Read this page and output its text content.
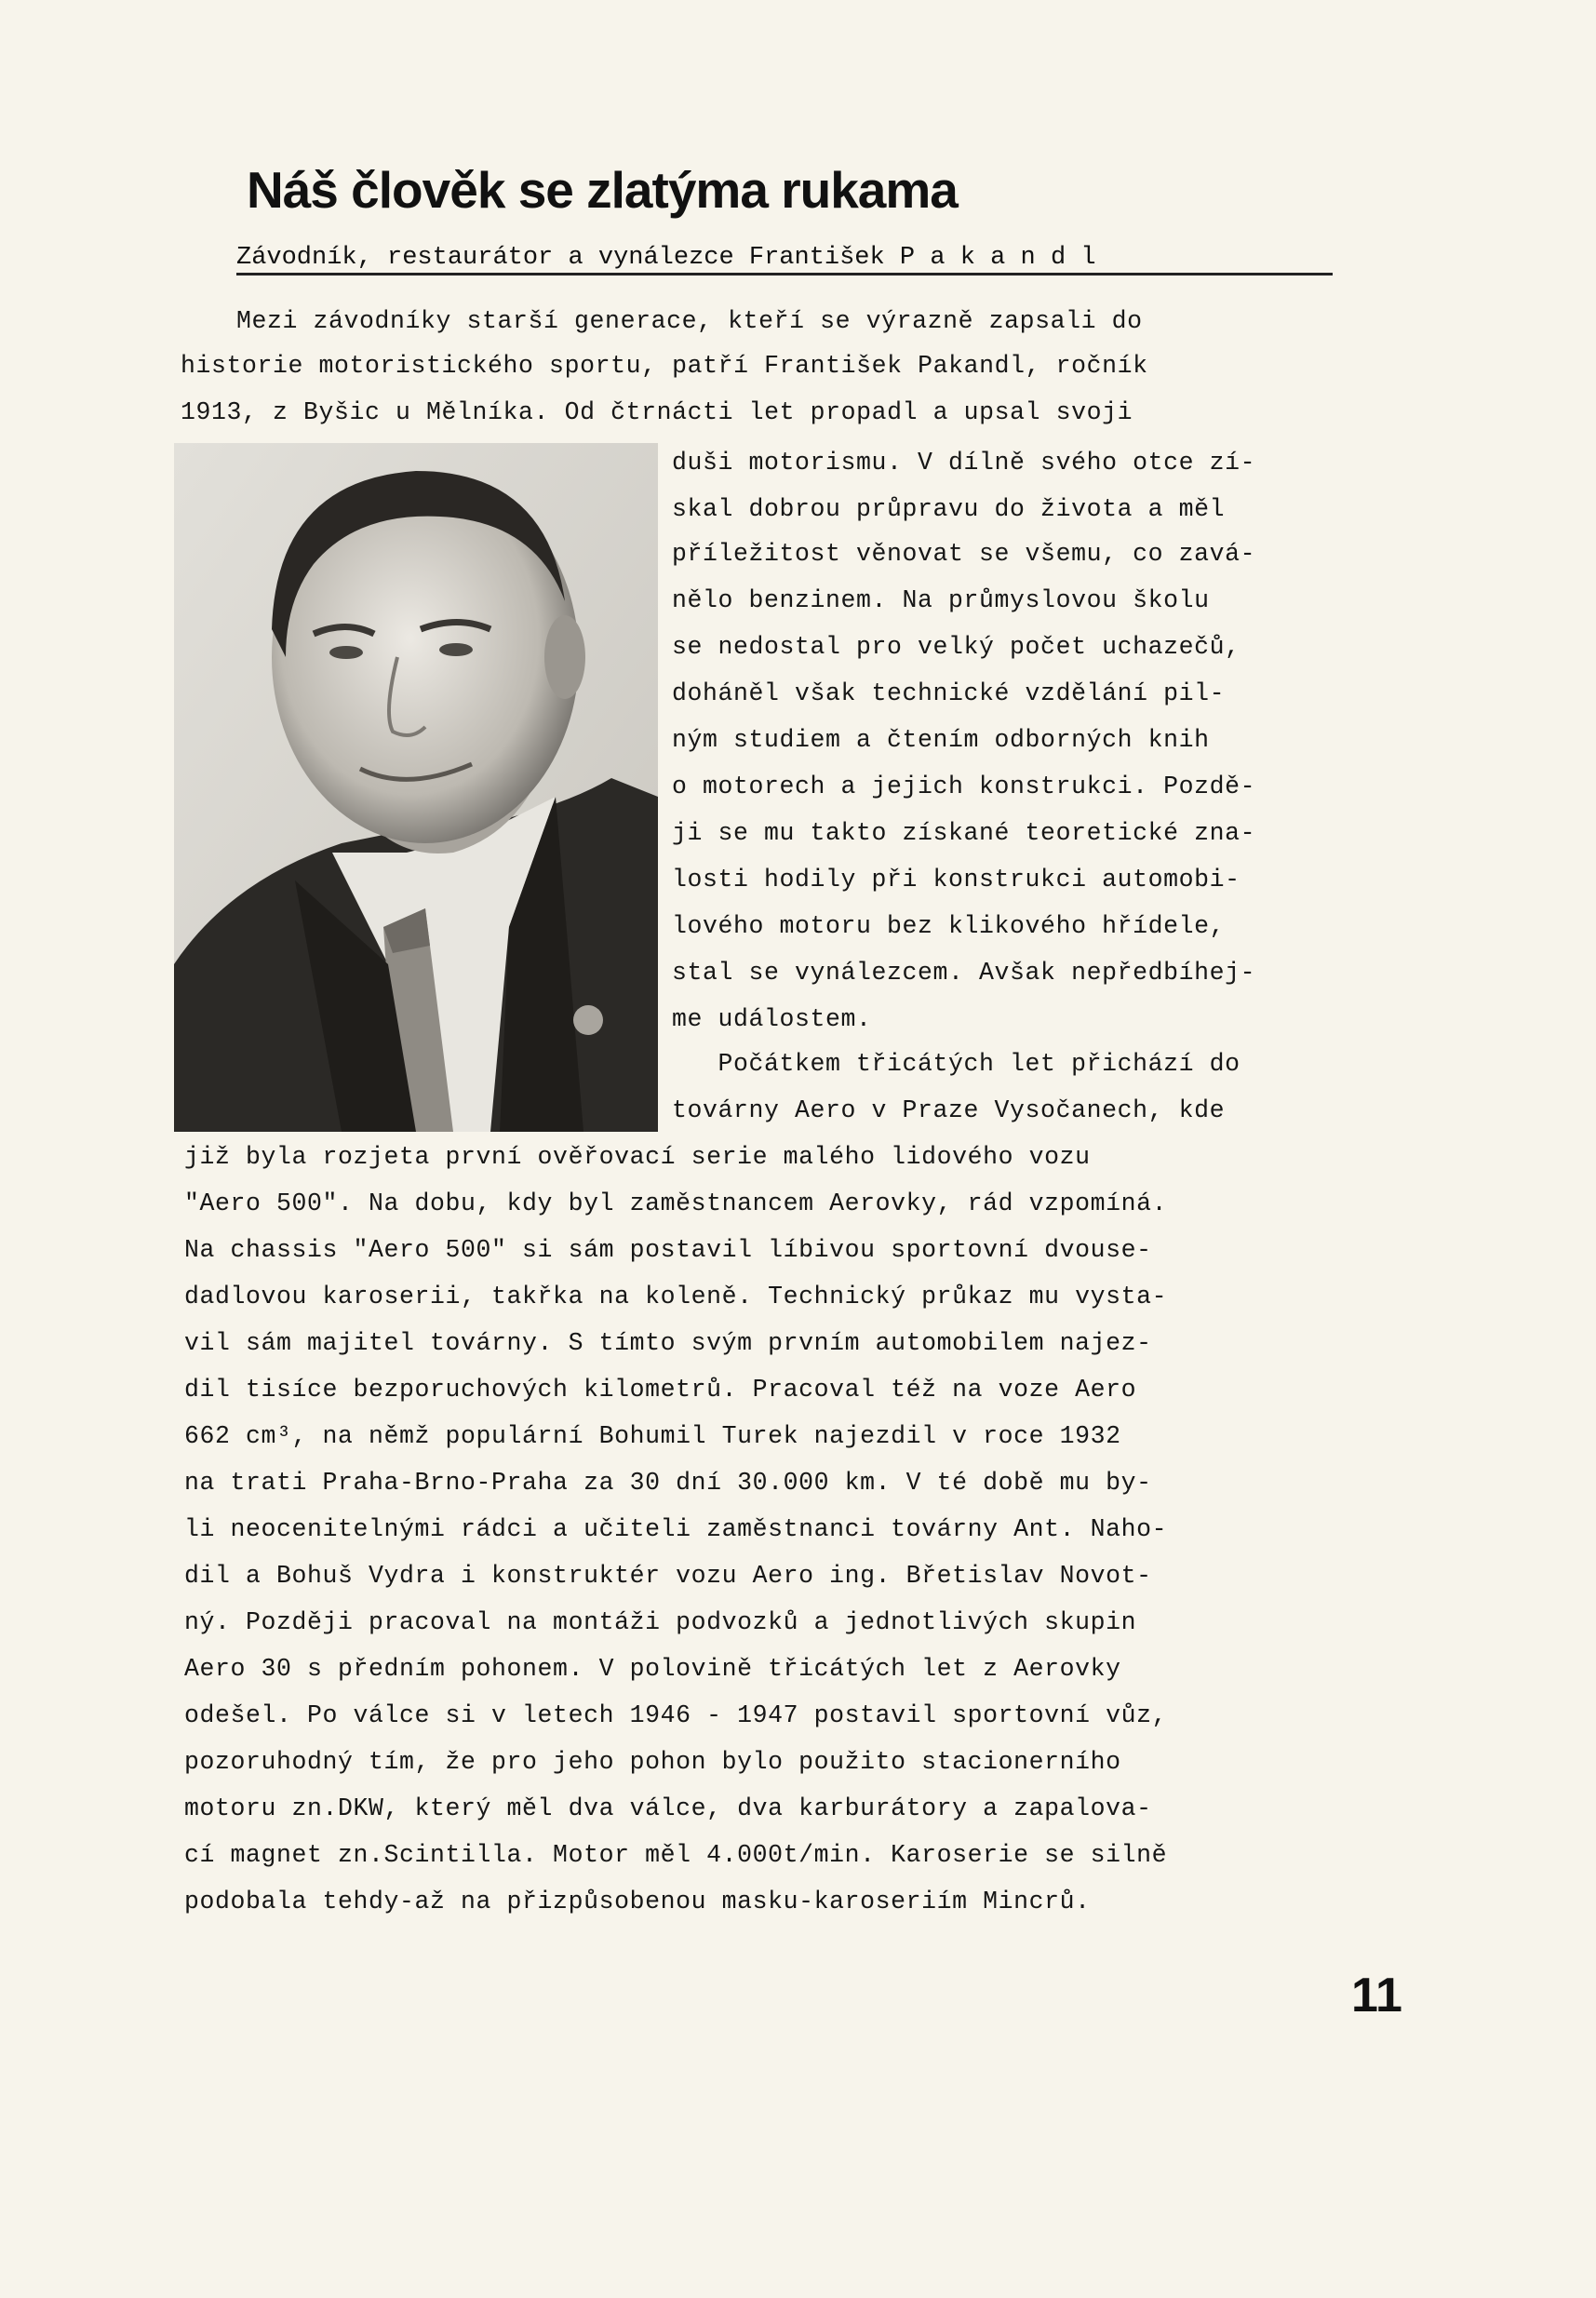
Náš člověk se zlatýma rukama
Závodník, restaurátor a vynálezce František P a k a n d l
Mezi závodníky starší generace, kteří se výrazně zapsali do
historie motoristického sportu, patří František Pakandl, ročník
1913, z Byšic u Mělníka. Od čtrnácti let propadl a upsal svoji
duši motorismu. V dílně svého otce zí-
skal dobrou průpravu do života a měl
příležitost věnovat se všemu, co zavá-
nělo benzinem. Na průmyslovou školu
se nedostal pro velký počet uchazečů,
doháněl však technické vzdělání pil-
ným studiem a čtením odborných knih
o motorech a jejich konstrukci. Pozdě-
ji se mu takto získané teoretické zna-
losti hodily při konstrukci automobi-
lového motoru bez klikového hřídele,
stal se vynálezcem. Avšak nepředbíhej-
me událostem.
Počátkem třicátých let přichází do
továrny Aero v Praze Vysočanech, kde
již byla rozjeta první ověřovací serie malého lidového vozu
"Aero 500". Na dobu, kdy byl zaměstnancem Aerovky, rád vzpomíná.
Na chassis "Aero 500" si sám postavil líbivou sportovní dvouse-
dadlovou karoserii, takřka na koleně. Technický průkaz mu vysta-
vil sám majitel továrny. S tímto svým prvním automobilem najez-
dil tisíce bezporuchových kilometrů. Pracoval též na voze Aero
662 cm³, na němž populární Bohumil Turek najezdil v roce 1932
na trati Praha-Brno-Praha za 30 dní 30.000 km. V té době mu by-
li neocenitelnými rádci a učiteli zaměstnanci továrny Ant. Naho-
dil a Bohuš Vydra i konstruktér vozu Aero ing. Břetislav Novot-
ný. Později pracoval na montáži podvozků a jednotlivých skupin
Aero 30 s předním pohonem. V polovině třicátých let z Aerovky
odešel. Po válce si v letech 1946 - 1947 postavil sportovní vůz,
pozoruhodný tím, že pro jeho pohon bylo použito stacionerního
motoru zn.DKW, který měl dva válce, dva karburátory a zapalova-
cí magnet zn.Scintilla. Motor měl 4.000t/min. Karoserie se silně
podobala tehdy-až na přizpůsobenou masku-karoseriím Mincrů.
11
